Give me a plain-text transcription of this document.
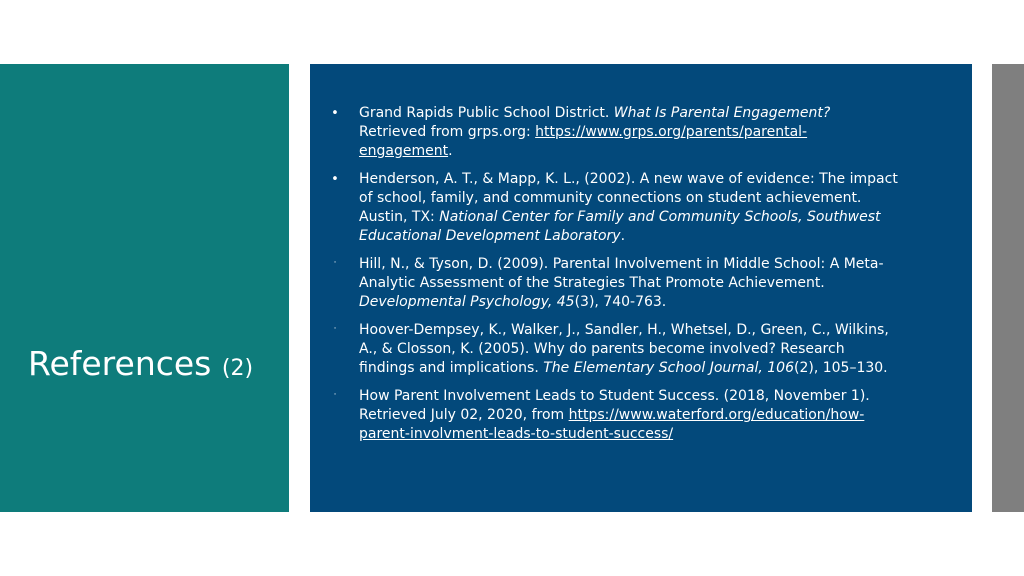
References (2)
• Grand Rapids Public School District. What Is Parental Engagement? Retrieved from grps.org: https://www.grps.org/parents/parental-engagement.
• Henderson, A. T., & Mapp, K. L., (2002). A new wave of evidence: The impact of school, family, and community connections on student achievement. Austin, TX: National Center for Family and Community Schools, Southwest Educational Development Laboratory.
· Hill, N., & Tyson, D. (2009). Parental Involvement in Middle School: A Meta-Analytic Assessment of the Strategies That Promote Achievement. Developmental Psychology, 45(3), 740-763.
· Hoover-Dempsey, K., Walker, J., Sandler, H., Whetsel, D., Green, C., Wilkins, A., & Closson, K. (2005). Why do parents become involved? Research findings and implications. The Elementary School Journal, 106(2), 105–130.
· How Parent Involvement Leads to Student Success. (2018, November 1). Retrieved July 02, 2020, from https://www.waterford.org/education/how-parent-involvment-leads-to-student-success/
